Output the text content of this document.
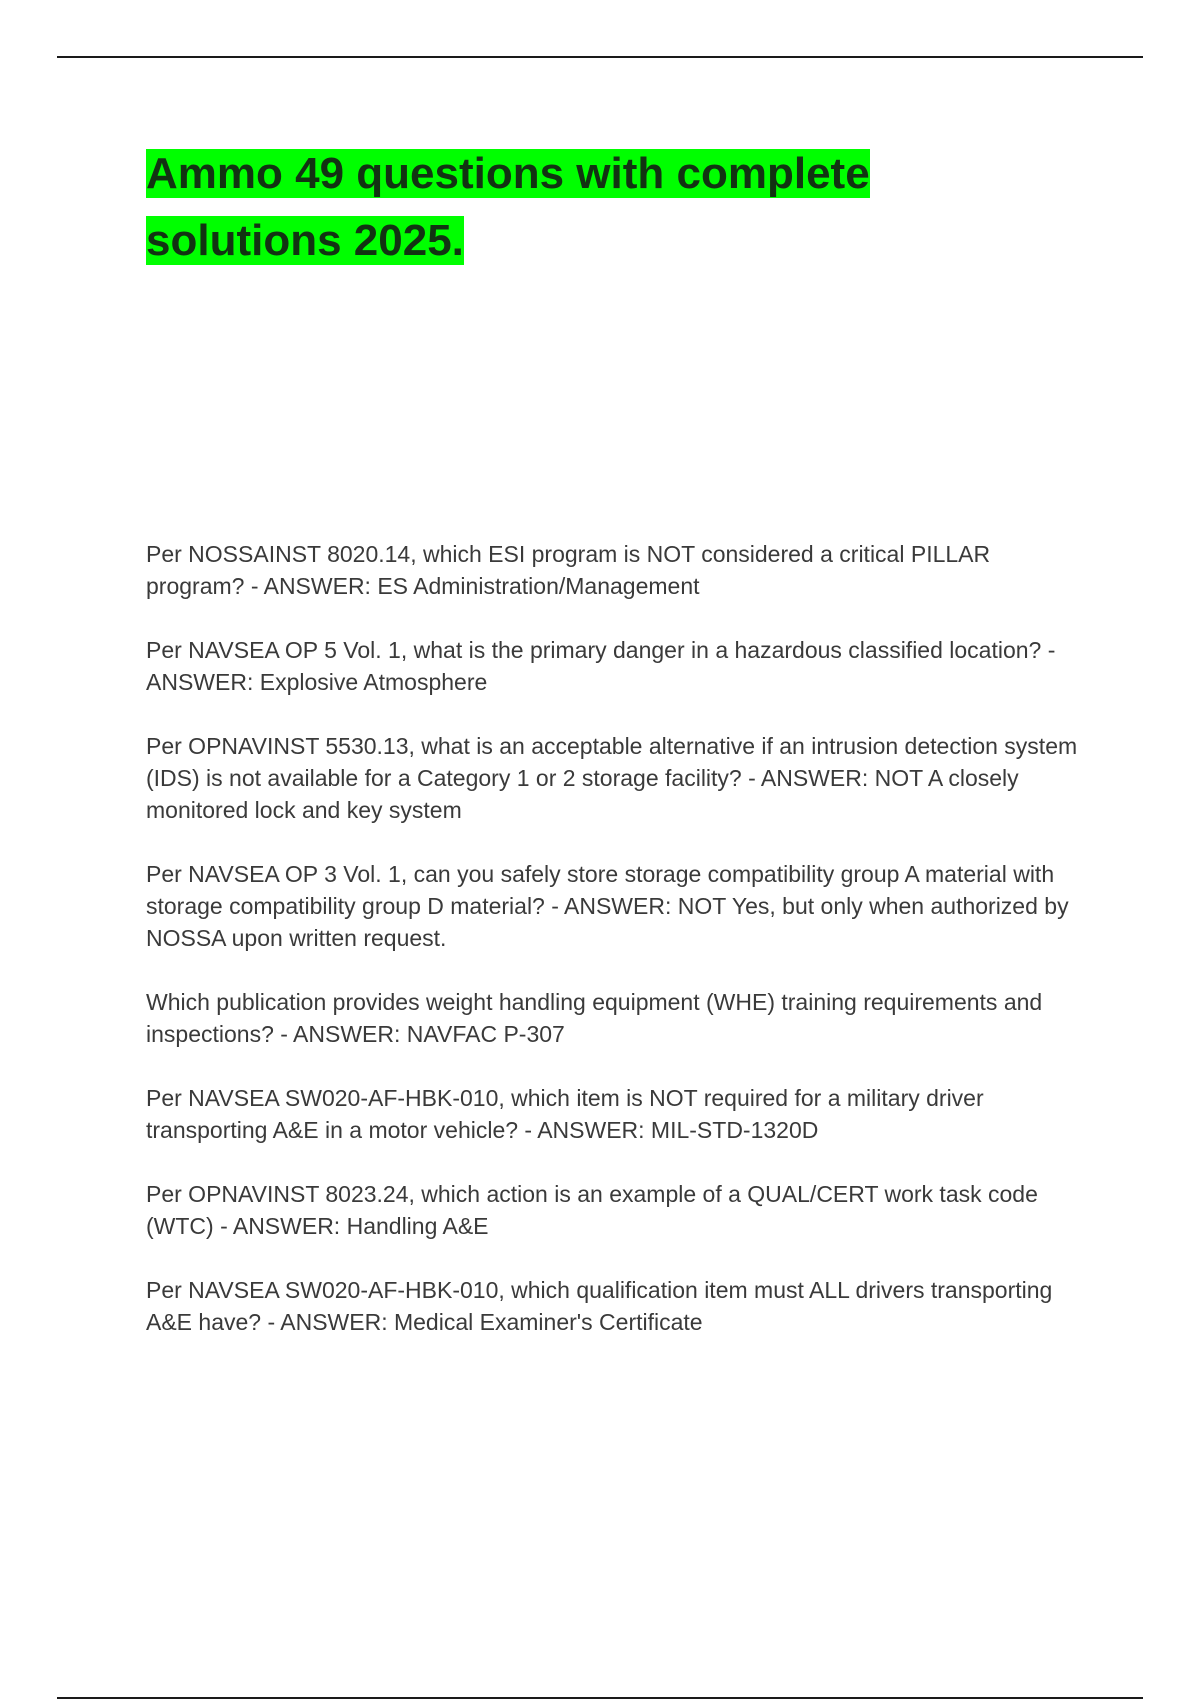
Ammo 49 questions with complete solutions 2025.

Per NOSSAINST 8020.14, which ESI program is NOT considered a critical PILLAR program? - ANSWER: ES Administration/Management

Per NAVSEA OP 5 Vol. 1, what is the primary danger in a hazardous classified location? - ANSWER: Explosive Atmosphere

Per OPNAVINST 5530.13, what is an acceptable alternative if an intrusion detection system (IDS) is not available for a Category 1 or 2 storage facility? - ANSWER: NOT A closely monitored lock and key system

Per NAVSEA OP 3 Vol. 1, can you safely store storage compatibility group A material with storage compatibility group D material? - ANSWER: NOT Yes, but only when authorized by NOSSA upon written request.

Which publication provides weight handling equipment (WHE) training requirements and inspections? - ANSWER: NAVFAC P-307

Per NAVSEA SW020-AF-HBK-010, which item is NOT required for a military driver transporting A&E in a motor vehicle? - ANSWER: MIL-STD-1320D

Per OPNAVINST 8023.24, which action is an example of a QUAL/CERT work task code (WTC) - ANSWER: Handling A&E

Per NAVSEA SW020-AF-HBK-010, which qualification item must ALL drivers transporting A&E have? - ANSWER: Medical Examiner's Certificate
